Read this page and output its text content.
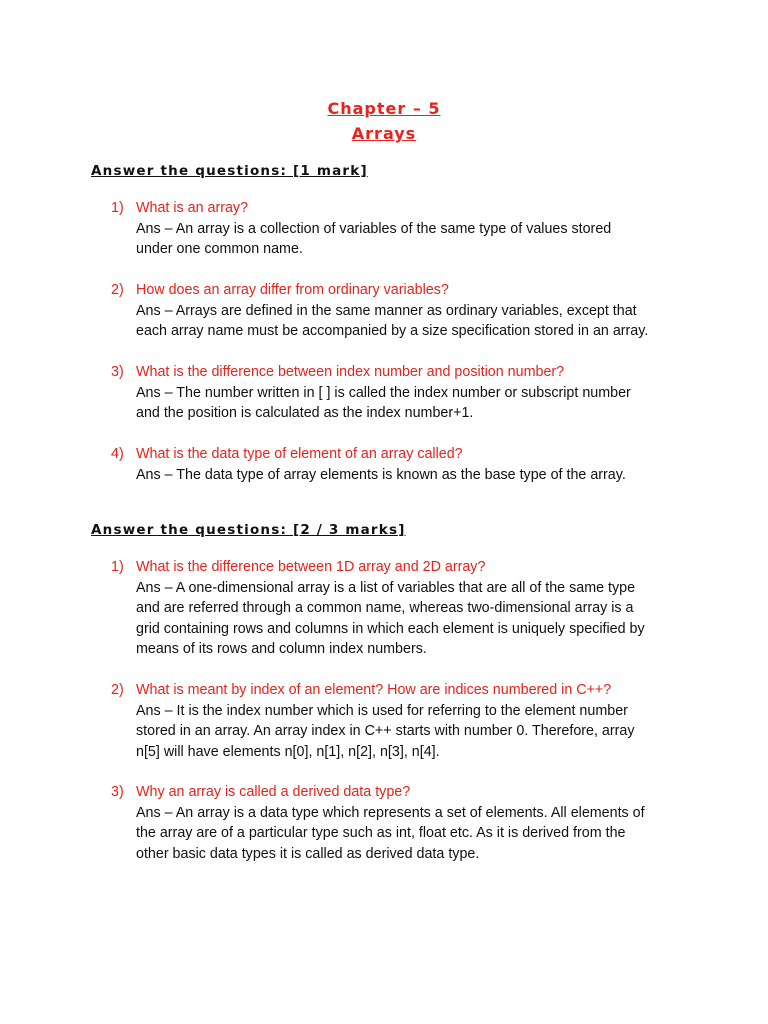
Chapter – 5
Arrays
Answer the questions: [1 mark]
1) What is an array?
Ans – An array is a collection of variables of the same type of values stored
under one common name.
2) How does an array differ from ordinary variables?
Ans – Arrays are defined in the same manner as ordinary variables, except that
each array name must be accompanied by a size specification stored in an array.
3) What is the difference between index number and position number?
Ans – The number written in [ ] is called the index number or subscript number
and the position is calculated as the index number+1.
4) What is the data type of element of an array called?
Ans – The data type of array elements is known as the base type of the array.
Answer the questions: [2 / 3 marks]
1) What is the difference between 1D array and 2D array?
Ans – A one-dimensional array is a list of variables that are all of the same type
and are referred through a common name, whereas two-dimensional array is a
grid containing rows and columns in which each element is uniquely specified by
means of its rows and column index numbers.
2) What is meant by index of an element? How are indices numbered in C++?
Ans – It is the index number which is used for referring to the element number
stored in an array. An array index in C++ starts with number 0. Therefore, array
n[5] will have elements n[0], n[1], n[2], n[3], n[4].
3) Why an array is called a derived data type?
Ans – An array is a data type which represents a set of elements. All elements of
the array are of a particular type such as int, float etc. As it is derived from the
other basic data types it is called as derived data type.
